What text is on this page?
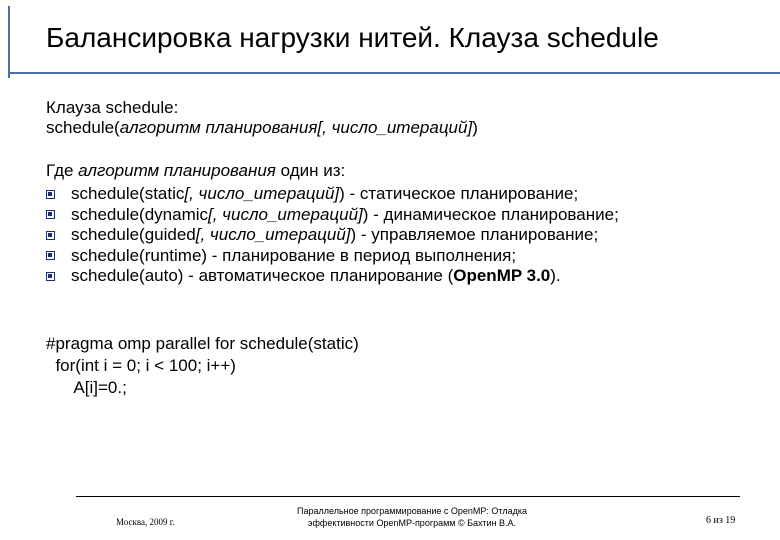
Балансировка нагрузки нитей. Клауза schedule
Клауза schedule:
schedule(алгоритм планирования[, число_итераций])
Где алгоритм планирования один из:
schedule(static [, число_итераций] ) - статическое планирование;
schedule(dynamic [, число_итераций] ) - динамическое планирование;
schedule(guided [, число_итераций] ) - управляемое планирование;
schedule(runtime) - планирование в период выполнения;
schedule(auto) - автоматическое планирование ( OpenMP 3.0 ).
#pragma omp parallel for schedule(static)
for(int i = 0; i < 100; i++)
A[i]=0.;
Москва, 2009 г.
Параллельное программирование с OpenMP: Отладка
эффективности OpenMP-программ © Бахтин В.А.	6 из 19
